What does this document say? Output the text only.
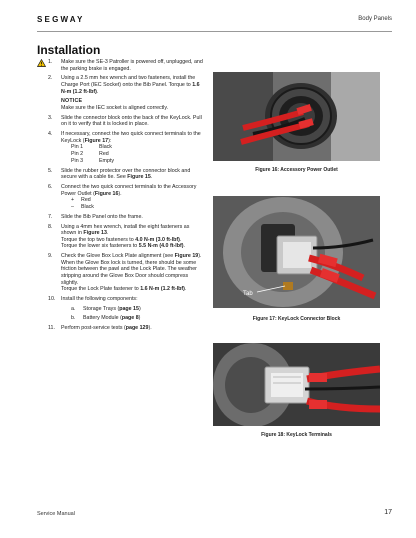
SEGWAY	Body Panels
Installation
1. Make sure the SE-3 Patroller is powered off, unplugged, and the parking brake is engaged.
2. Using a 2.5 mm hex wrench and two fasteners, install the Charge Port (IEC Socket) onto the Bib Panel. Torque to 1.6 N-m (1.2 ft-lbf).
NOTICE
Make sure the IEC socket is aligned correctly.
3. Slide the connector block onto the back of the KeyLock. Pull on it to verify that it is locked in place.
4. If necessary, connect the two quick connect terminals to the KeyLock (Figure 17):
Pin 1	Black
Pin 2	Red
Pin 3	Empty
5. Slide the rubber protector over the connector block and secure with a cable tie. See Figure 15.
6. Connect the two quick connect terminals to the Accessory Power Outlet (Figure 16).
+	Red
–	Black
7. Slide the Bib Panel onto the frame.
8. Using a 4mm hex wrench, install the eight fasteners as shown in Figure 13.
Torque the top two fasteners to 4.0 N-m (3.0 ft-lbf).
Torque the lower six fasteners to 5.5 N-m (4.0 ft-lbf).
9. Check the Glove Box Lock Plate alignment (see Figure 19). When the Glove Box lock is turned, there should be some friction between the pawl and the Lock Plate. The weather stripping around the Glove Box Door should compress slightly.
Torque the Lock Plate fastener to 1.6 N-m (1.2 ft-lbf).
10. Install the following components:
a. Storage Trays (page 15)
b. Battery Module (page 8)
11. Perform post-service tests (page 129).
Figure 16: Accessory Power Outlet
Tab
Figure 17: KeyLock Connector Block
Figure 18: KeyLock Terminals
Service Manual	17
